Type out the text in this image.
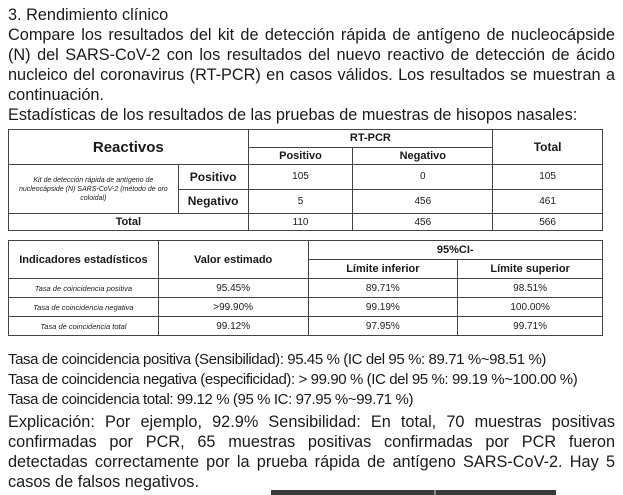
3. Rendimiento clínico
Compare los resultados del kit de detección rápida de antígeno de nucleocápside (N) del SARS-CoV-2 con los resultados del nuevo reactivo de detección de ácido nucleico del coronavirus (RT-PCR) en casos válidos. Los resultados se muestran a continuación.
Estadísticas de los resultados de las pruebas de muestras de hisopos nasales:
Reactivos		RT-PCR		Total
		Positivo	Negativo	
Kit de detección rápida de antígeno de nucleocápside (N) SARS-CoV-2 (método de oro coloidal)	Positivo	105	0	105
	Negativo	5	456	461
Total		110	456	566
Indicadores estadísticos	Valor estimado	95%CI-	
		Límite inferior	Límite superior
Tasa de coincidencia positiva	95.45%	89.71%	98.51%
Tasa de coincidencia negativa	>99.90%	99.19%	100.00%
Tasa de coincidencia total	99.12%	97.95%	99.71%
Tasa de coincidencia positiva (Sensibilidad): 95.45 % (IC del 95 %: 89.71 %~98.51 %)
Tasa de coincidencia negativa (especificidad): > 99.90 % (IC del 95 %: 99.19 %~100.00 %)
Tasa de coincidencia total: 99.12 % (95 % IC: 97.95 %~99.71 %)
Explicación: Por ejemplo, 92.9% Sensibilidad: En total, 70 muestras positivas confirmadas por PCR, 65 muestras positivas confirmadas por PCR fueron detectadas correctamente por la prueba rápida de antígeno SARS-CoV-2. Hay 5 casos de falsos negativos.
